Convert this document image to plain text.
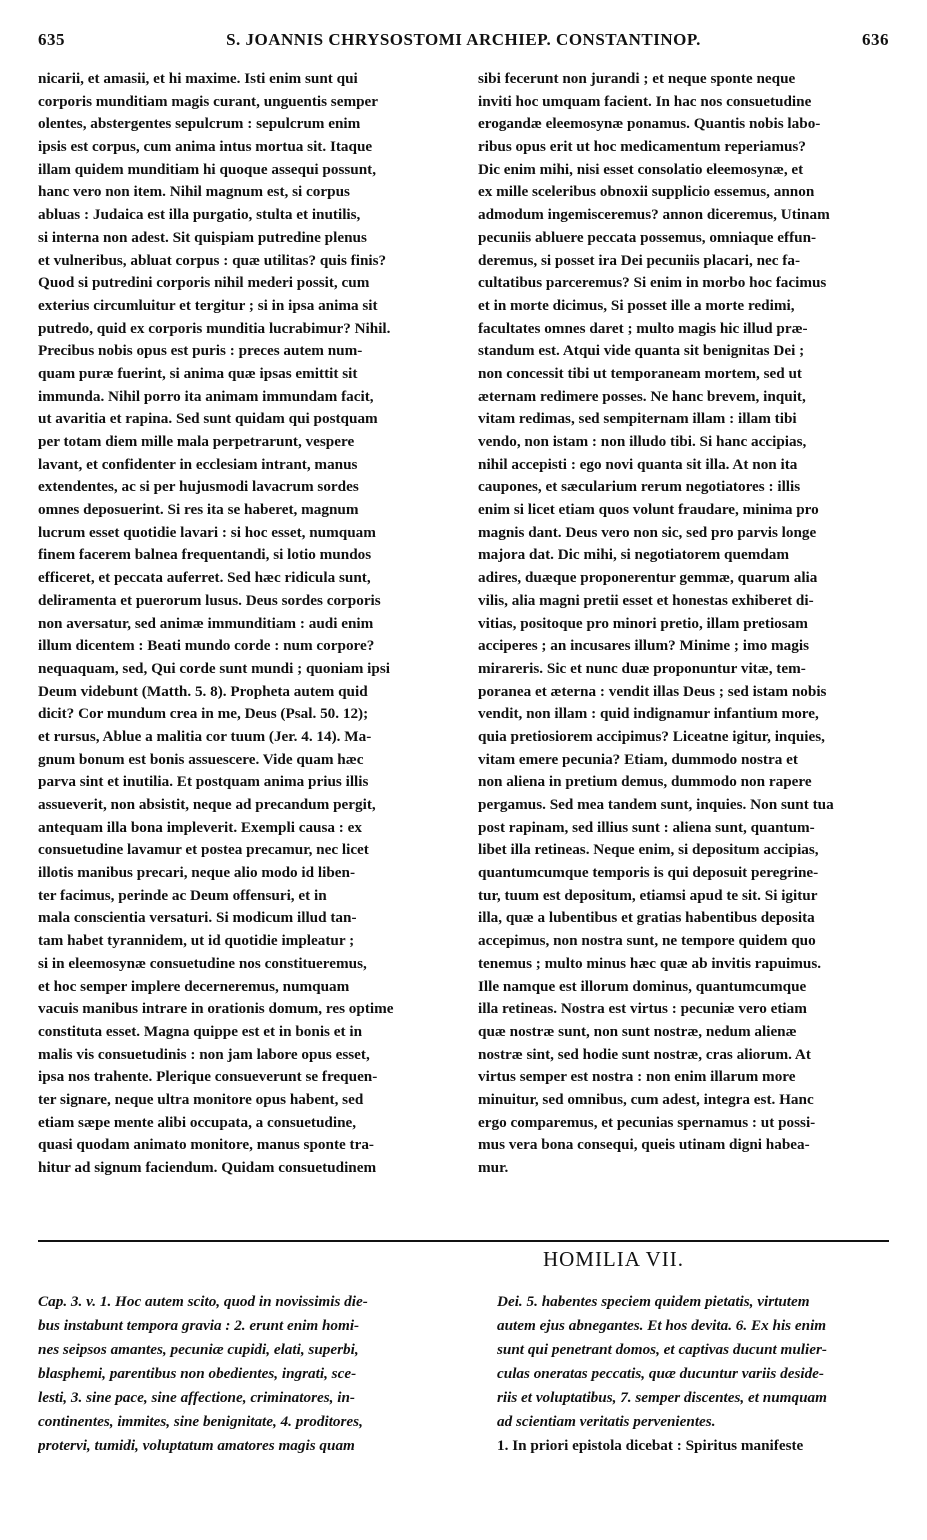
635	S. JOANNIS CHRYSOSTOMI ARCHIEP. CONSTANTINOP.	636
nicarii, et amasii, et hi maxime. Isti enim sunt qui
corporis munditiam magis curant, unguentis semper
olentes, abstergentes sepulcrum : sepulcrum enim
ipsis est corpus, cum anima intus mortua sit. Itaque
illam quidem munditiam hi quoque assequi possunt,
hanc vero non item. Nihil magnum est, si corpus
abluas : Judaica est illa purgatio, stulta et inutilis,
si interna non adest. Sit quispiam putredine plenus
et vulneribus, abluat corpus : quæ utilitas? quis finis?
Quod si putredini corporis nihil mederi possit, cum
exterius circumluitur et tergitur ; si in ipsa anima sit
putredo, quid ex corporis munditia lucrabimur? Nihil.
Precibus nobis opus est puris : preces autem num-
quam puræ fuerint, si anima quæ ipsas emittit sit
immunda. Nihil porro ita animam immundam facit,
ut avaritia et rapina. Sed sunt quidam qui postquam
per totam diem mille mala perpetrarunt, vespere
lavant, et confidenter in ecclesiam intrant, manus
extendentes, ac si per hujusmodi lavacrum sordes
omnes deposuerint. Si res ita se haberet, magnum
lucrum esset quotidie lavari : si hoc esset, numquam
finem facerem balnea frequentandi, si lotio mundos
efficeret, et peccata auferret. Sed hæc ridicula sunt,
deliramenta et puerorum lusus. Deus sordes corporis
non aversatur, sed animæ immunditiam : audi enim
illum dicentem : Beati mundo corde : num corpore?
nequaquam, sed, Qui corde sunt mundi ; quoniam ipsi
Deum videbunt (Matth. 5. 8). Propheta autem quid
dicit? Cor mundum crea in me, Deus (Psal. 50. 12);
et rursus, Ablue a malitia cor tuum (Jer. 4. 14). Ma-
gnum bonum est bonis assuescere. Vide quam hæc
parva sint et inutilia. Et postquam anima prius illis
assueverit, non absistit, neque ad precandum pergit,
antequam illa bona impleverit. Exempli causa : ex
consuetudine lavamur et postea precamur, nec licet
illotis manibus precari, neque alio modo id liben-
ter facimus, perinde ac Deum offensuri, et in
mala conscientia versaturi. Si modicum illud tan-
tam habet tyrannidem, ut id quotidie impleatur ;
si in eleemosynæ consuetudine nos constitueremus,
et hoc semper implere decerneremus, numquam
vacuis manibus intrare in orationis domum, res optime
constituta esset. Magna quippe est et in bonis et in
malis vis consuetudinis : non jam labore opus esset,
ipsa nos trahente. Plerique consueverunt se frequen-
ter signare, neque ultra monitore opus habent, sed
etiam sæpe mente alibi occupata, a consuetudine,
quasi quodam animato monitore, manus sponte tra-
hitur ad signum faciendum. Quidam consuetudinem
sibi fecerunt non jurandi ; et neque sponte neque
inviti hoc umquam facient. In hac nos consuetudine
erogandæ eleemosynæ ponamus. Quantis nobis labo-
ribus opus erit ut hoc medicamentum reperiamus?
Dic enim mihi, nisi esset consolatio eleemosynæ, et
ex mille sceleribus obnoxii supplicio essemus, annon
admodum ingemisceremus? annon diceremus, Utinam
pecuniis abluere peccata possemus, omniaque effun-
deremus, si posset ira Dei pecuniis placari, nec fa-
cultatibus parceremus? Si enim in morbo hoc facimus
et in morte dicimus, Si posset ille a morte redimi,
facultates omnes daret ; multo magis hic illud præ-
standum est. Atqui vide quanta sit benignitas Dei ;
non concessit tibi ut temporaneam mortem, sed ut
æternam redimere posses. Ne hanc brevem, inquit,
vitam redimas, sed sempiternam illam : illam tibi
vendo, non istam : non illudo tibi. Si hanc accipias,
nihil accepisti : ego novi quanta sit illa. At non ita
caupones, et sæcularium rerum negotiatores : illis
enim si licet etiam quos volunt fraudare, minima pro
magnis dant. Deus vero non sic, sed pro parvis longe
majora dat. Dic mihi, si negotiatorem quemdam
adires, duæque proponerentur gemmæ, quarum alia
vilis, alia magni pretii esset et honestas exhiberet di-
vitias, positoque pro minori pretio, illam pretiosam
acciperes ; an incusares illum? Minime ; imo magis
mirareris. Sic et nunc duæ proponuntur vitæ, tem-
poranea et æterna : vendit illas Deus ; sed istam nobis
vendit, non illam : quid indignamur infantium more,
quia pretiosiorem accipimus? Liceatne igitur, inquies,
vitam emere pecunia? Etiam, dummodo nostra et
non aliena in pretium demus, dummodo non rapere
pergamus. Sed mea tandem sunt, inquies. Non sunt tua
post rapinam, sed illius sunt : aliena sunt, quantum-
libet illa retineas. Neque enim, si depositum accipias,
quantumcumque temporis is qui deposuit peregrine-
tur, tuum est depositum, etiamsi apud te sit. Si igitur
illa, quæ a lubentibus et gratias habentibus deposita
accepimus, non nostra sunt, ne tempore quidem quo
tenemus ; multo minus hæc quæ ab invitis rapuimus.
Ille namque est illorum dominus, quantumcumque
illa retineas. Nostra est virtus : pecuniæ vero etiam
quæ nostræ sunt, non sunt nostræ, nedum alienæ
nostræ sint, sed hodie sunt nostræ, cras aliorum. At
virtus semper est nostra : non enim illarum more
minuitur, sed omnibus, cum adest, integra est. Hanc
ergo comparemus, et pecunias spernamus : ut possi-
mus vera bona consequi, queis utinam digni habea-
mur.
HOMILIA VII.
Cap. 3. v. 1. Hoc autem scito, quod in novissimis die-
bus instabunt tempora gravia : 2. erunt enim homi-
nes seipsos amantes, pecuniæ cupidi, elati, superbi,
blasphemi, parentibus non obedientes, ingrati, sce-
lesti, 3. sine pace, sine affectione, criminatores, in-
continentes, immites, sine benignitate, 4. proditores,
protervi, tumidi, voluptatum amatores magis quam
Dei. 5. habentes speciem quidem pietatis, virtutem
autem ejus abnegantes. Et hos devita. 6. Ex his enim
sunt qui penetrant domos, et captivas ducunt mulier-
culas oneratas peccatis, quæ ducuntur variis deside-
riis et voluptatibus, 7. semper discentes, et numquam
ad scientiam veritatis pervenientes.
1. In priori epistola dicebat : Spiritus manifeste
